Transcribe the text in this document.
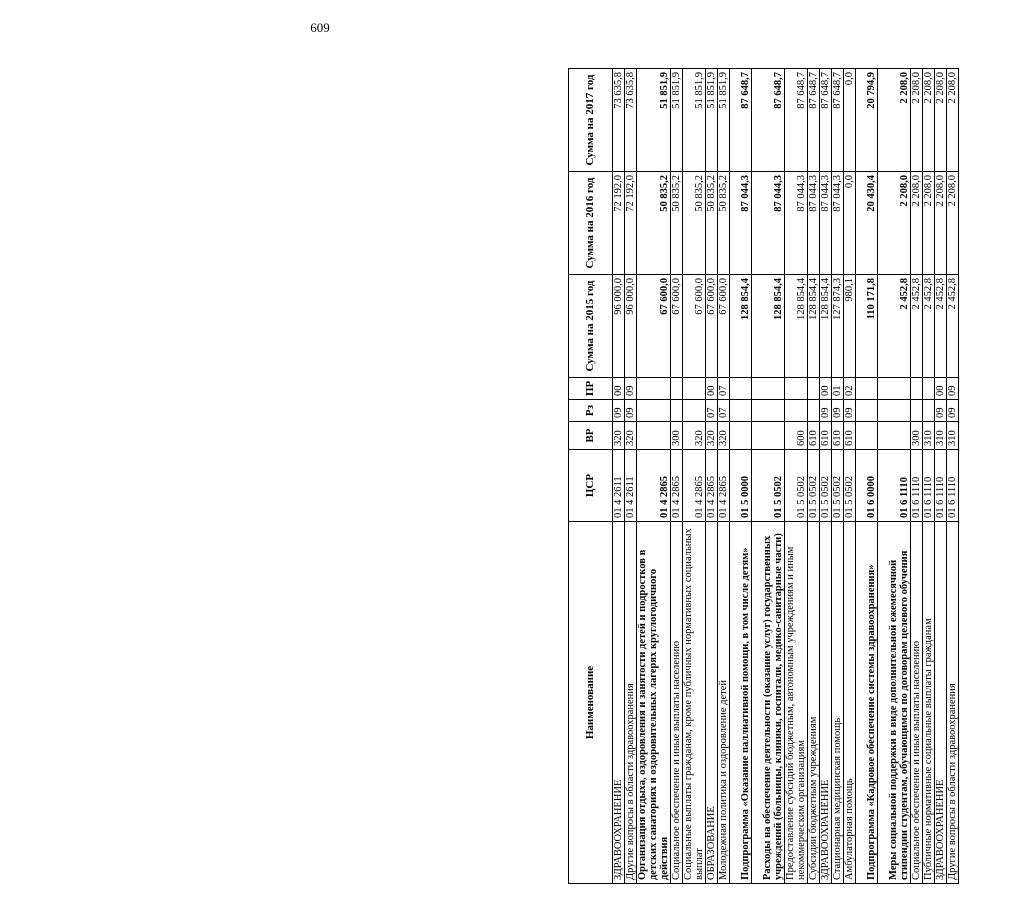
609
Наименование	ЦСР	ВР	Рз	ПР	Сумма на 2015 год	Сумма на 2016 год	Сумма на 2017 год
ЗДРАВООХРАНЕНИЕ	01 4 2611	320	09	00	96 000,0	72 192,0	73 635,8
Другие вопросы в области здравоохранения	01 4 2611	320	09	09	96 000,0	72 192,0	73 635,8
Организация отдыха, оздоровления и занятости детей и подростков в детских санаториях и оздоровительных лагерях круглогодичного действия	01 4 2865				67 600,0	50 835,2	51 851,9
Социальное обеспечение и иные выплаты населению	01 4 2865	300			67 600,0	50 835,2	51 851,9
Социальные выплаты гражданам, кроме публичных нормативных социальных выплат	01 4 2865	320			67 600,0	50 835,2	51 851,9
ОБРАЗОВАНИЕ	01 4 2865	320	07	00	67 600,0	50 835,2	51 851,9
Молодежная политика и оздоровление детей	01 4 2865	320	07	07	67 600,0	50 835,2	51 851,9
Подпрограмма «Оказание паллиативной помощи, в том числе детям»	01 5 0000				128 854,4	87 044,3	87 648,7
Расходы на обеспечение деятельности (оказание услуг) государственных учреждений (больницы, клиники, госпитали, медико-санитарные части)	01 5 0502				128 854,4	87 044,3	87 648,7
Предоставление субсидий бюджетным, автономным учреждениям и иным некоммерческим организациям	01 5 0502	600			128 854,4	87 044,3	87 648,7
Субсидии бюджетным учреждениям	01 5 0502	610			128 854,4	87 044,3	87 648,7
ЗДРАВООХРАНЕНИЕ	01 5 0502	610	09	00	128 854,4	87 044,3	87 648,7
Стационарная медицинская помощь	01 5 0502	610	09	01	127 874,3	87 044,3	87 648,7
Амбулаторная помощь	01 5 0502	610	09	02	980,1	0,0	0,0
Подпрограмма «Кадровое обеспечение системы здравоохранения»	01 6 0000				110 171,8	20 430,4	20 794,9
Меры социальной поддержки в виде дополнительной ежемесячной стипендии студентам, обучающимся по договорам целевого обучения	01 6 1110				2 452,8	2 208,0	2 208,0
Социальное обеспечение и иные выплаты населению	01 6 1110	300			2 452,8	2 208,0	2 208,0
Публичные нормативные социальные выплаты гражданам	01 6 1110	310			2 452,8	2 208,0	2 208,0
ЗДРАВООХРАНЕНИЕ	01 6 1110	310	09	00	2 452,8	2 208,0	2 208,0
Другие вопросы в области здравоохранения	01 6 1110	310	09	09	2 452,8	2 208,0	2 208,0
